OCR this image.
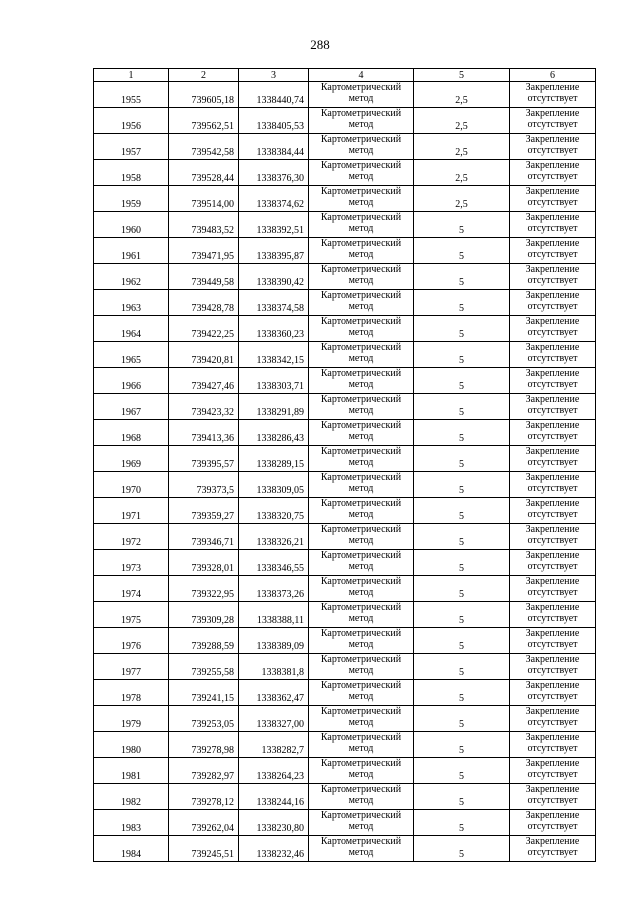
288
1	2	3	4	5	6
1955	739605,18	1338440,74	Картометрический
метод	2,5	Закрепление
отсутствует

1956	739562,51	1338405,53	Картометрический
метод	2,5	Закрепление
отсутствует

1957	739542,58	1338384,44	Картометрический
метод	2,5	Закрепление
отсутствует

1958	739528,44	1338376,30	Картометрический
метод	2,5	Закрепление
отсутствует

1959	739514,00	1338374,62	Картометрический
метод	2,5	Закрепление
отсутствует

1960	739483,52	1338392,51	Картометрический
метод	5	Закрепление
отсутствует

1961	739471,95	1338395,87	Картометрический
метод	5	Закрепление
отсутствует

1962	739449,58	1338390,42	Картометрический
метод	5	Закрепление
отсутствует

1963	739428,78	1338374,58	Картометрический
метод	5	Закрепление
отсутствует

1964	739422,25	1338360,23	Картометрический
метод	5	Закрепление
отсутствует

1965	739420,81	1338342,15	Картометрический
метод	5	Закрепление
отсутствует

1966	739427,46	1338303,71	Картометрический
метод	5	Закрепление
отсутствует

1967	739423,32	1338291,89	Картометрический
метод	5	Закрепление
отсутствует

1968	739413,36	1338286,43	Картометрический
метод	5	Закрепление
отсутствует

1969	739395,57	1338289,15	Картометрический
метод	5	Закрепление
отсутствует

1970	739373,5	1338309,05	Картометрический
метод	5	Закрепление
отсутствует

1971	739359,27	1338320,75	Картометрический
метод	5	Закрепление
отсутствует

1972	739346,71	1338326,21	Картометрический
метод	5	Закрепление
отсутствует

1973	739328,01	1338346,55	Картометрический
метод	5	Закрепление
отсутствует

1974	739322,95	1338373,26	Картометрический
метод	5	Закрепление
отсутствует

1975	739309,28	1338388,11	Картометрический
метод	5	Закрепление
отсутствует

1976	739288,59	1338389,09	Картометрический
метод	5	Закрепление
отсутствует

1977	739255,58	1338381,8	Картометрический
метод	5	Закрепление
отсутствует

1978	739241,15	1338362,47	Картометрический
метод	5	Закрепление
отсутствует

1979	739253,05	1338327,00	Картометрический
метод	5	Закрепление
отсутствует

1980	739278,98	1338282,7	Картометрический
метод	5	Закрепление
отсутствует

1981	739282,97	1338264,23	Картометрический
метод	5	Закрепление
отсутствует

1982	739278,12	1338244,16	Картометрический
метод	5	Закрепление
отсутствует

1983	739262,04	1338230,80	Картометрический
метод	5	Закрепление
отсутствует

1984	739245,51	1338232,46	Картометрический
метод	5	Закрепление
отсутствует
